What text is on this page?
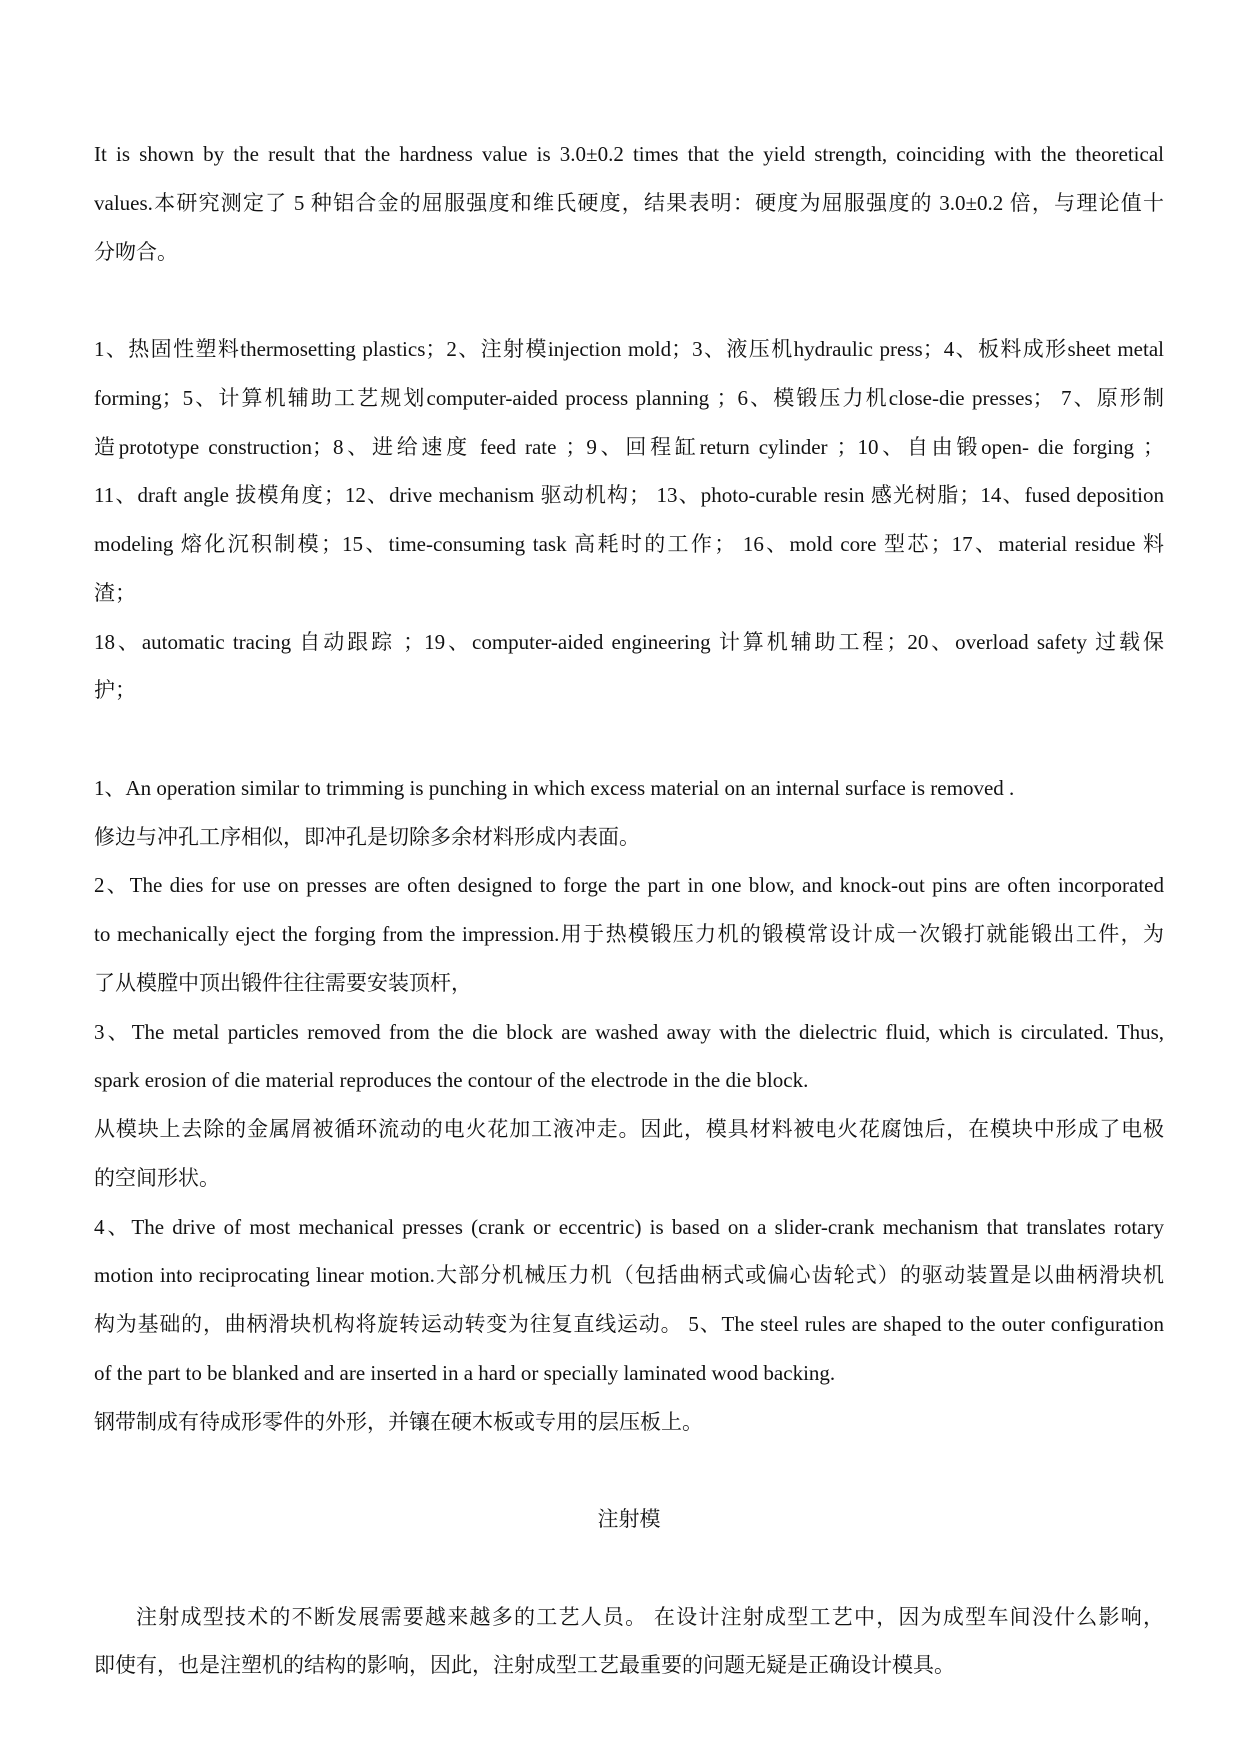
It is shown by the result that the hardness value is 3.0±0.2 times that the yield strength, coinciding with the theoretical
values.本研究测定了 5 种铝合金的屈服强度和维氏硬度，结果表明：硬度为屈服强度的 3.0±0.2 倍，与理论值十
分吻合。
1、热固性塑料thermosetting plastics；2、注射模injection mold；3、液压机hydraulic press；4、板料成形sheet metal
forming；5、计算机辅助工艺规划computer-aided process planning ；6、模锻压力机close-die presses； 7、原形制
造prototype construction；8、进给速度 feed rate ；9、回程缸return cylinder ；10、自由锻open- die forging ；
11、draft angle 拔模角度；12、drive mechanism 驱动机构； 13、photo-curable resin 感光树脂；14、fused deposition
modeling 熔化沉积制模；15、time-consuming task 高耗时的工作； 16、mold core 型芯；17、material residue 料
渣；
18、automatic tracing 自动跟踪 ；19、computer-aided engineering 计算机辅助工程；20、overload safety 过载保
护；
1、An operation similar to trimming is punching in which excess material on an internal surface is removed .
修边与冲孔工序相似，即冲孔是切除多余材料形成内表面。
2、The dies for use on presses are often designed to forge the part in one blow, and knock-out pins are often incorporated
to mechanically eject the forging from the impression.用于热模锻压力机的锻模常设计成一次锻打就能锻出工件，为
了从模膛中顶出锻件往往需要安装顶杆，
3、The metal particles removed from the die block are washed away with the dielectric fluid, which is circulated. Thus,
spark erosion of die material reproduces the contour of the electrode in the die block.
从模块上去除的金属屑被循环流动的电火花加工液冲走。因此，模具材料被电火花腐蚀后，在模块中形成了电极
的空间形状。
4、The drive of most mechanical presses (crank or eccentric) is based on a slider-crank mechanism that translates rotary
motion into reciprocating linear motion.大部分机械压力机（包括曲柄式或偏心齿轮式）的驱动装置是以曲柄滑块机
构为基础的，曲柄滑块机构将旋转运动转变为往复直线运动。 5、The steel rules are shaped to the outer configuration
of the part to be blanked and are inserted in a hard or specially laminated wood backing.
钢带制成有待成形零件的外形，并镶在硬木板或专用的层压板上。
注射模
注射成型技术的不断发展需要越来越多的工艺人员。 在设计注射成型工艺中，因为成型车间没什么影响，
即使有，也是注塑机的结构的影响，因此，注射成型工艺最重要的问题无疑是正确设计模具。
